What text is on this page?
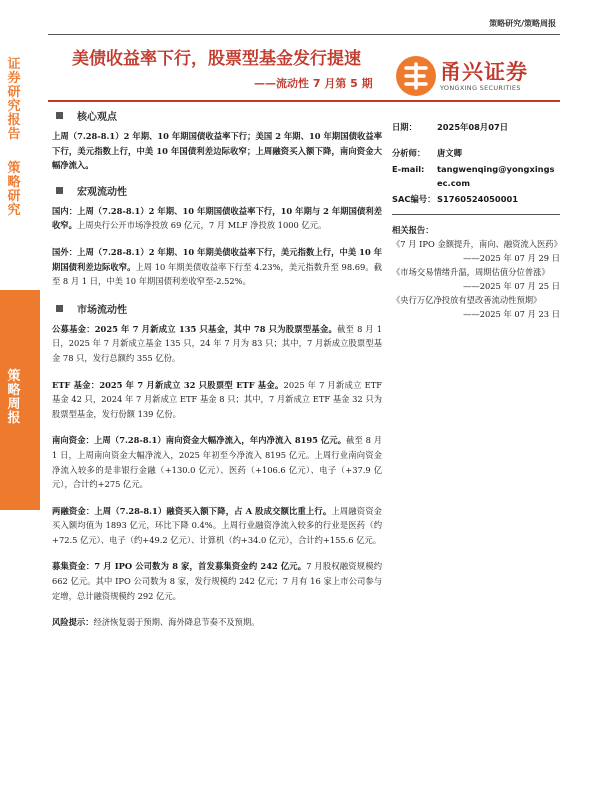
证券研究报告
策略研究
策略周报
策略研究/策略周报
美债收益率下行，股票型基金发行提速
——流动性 7 月第 5 期	甬兴证券
YONGXING SECURITIES
核心观点

上周（7.28-8.1）2 年期、10 年期国债收益率下行；美国 2 年期、10 年期国债收益率下行，美元指数上行，中美 10 年国债利差边际收窄；上周融资买入额下降，南向资金大幅净流入。

宏观流动性

国内：上周（7.28-8.1）2 年期、10 年期国债收益率下行，10 年期与 2 年期国债利差收窄。上周央行公开市场净投放 69 亿元，7 月 MLF 净投放 1000 亿元。

国外：上周（7.28-8.1）2 年期、10 年期美债收益率下行，美元指数上行，中美 10 年期国债利差边际收窄。上周 10 年期美债收益率下行至 4.23%，美元指数升至 98.69。截至 8 月 1 日，中美 10 年期国债利差收窄至-2.52%。

市场流动性

公募基金：2025 年 7 月新成立 135 只基金，其中 78 只为股票型基金。截至 8 月 1 日，2025 年 7 月新成立基金 135 只，24 年 7 月为 83 只；其中，7 月新成立股票型基金 78 只，发行总额约 355 亿份。

ETF 基金：2025 年 7 月新成立 32 只股票型 ETF 基金。2025 年 7 月新成立 ETF 基金 42 只，2024 年 7 月新成立 ETF 基金 8 只；其中，7 月新成立 ETF 基金 32 只为股票型基金，发行份额 139 亿份。

南向资金：上周（7.28-8.1）南向资金大幅净流入，年内净流入 8195 亿元。截至 8 月 1 日，上周南向资金大幅净流入，2025 年初至今净流入 8195 亿元。上周行业南向资金净流入较多的是非银行金融（+130.0 亿元）、医药（+106.6 亿元）、电子（+37.9 亿元），合计约+275 亿元。

两融资金：上周（7.28-8.1）融资买入额下降，占 A 股成交额比重上行。上周融资资金买入额均值为 1893 亿元，环比下降 0.4%。上周行业融资净流入较多的行业是医药（约+72.5 亿元）、电子（约+49.2 亿元）、计算机（约+34.0 亿元），合计约+155.6 亿元。

募集资金：7 月 IPO 公司数为 8 家，首发募集资金约 242 亿元。7 月股权融资规模约 662 亿元。其中 IPO 公司数为 8 家，发行规模约 242 亿元；7 月有 16 家上市公司参与定增，总计融资规模约 292 亿元。

风险提示：经济恢复弱于预期、海外降息节奏不及预期。

日期：	2025年08月07日
分析师：	唐文卿
E-mail:	tangwenqing@yongxingsec.com
SAC编号： S1760524050001
相关报告：
《7 月 IPO 金额提升，南向、融资流入医药》
——2025 年 07 月 29 日
《市场交易情绪升温，周期估值分位普涨》
——2025 年 07 月 25 日
《央行万亿净投放有望改善流动性预期》
——2025 年 07 月 23 日
